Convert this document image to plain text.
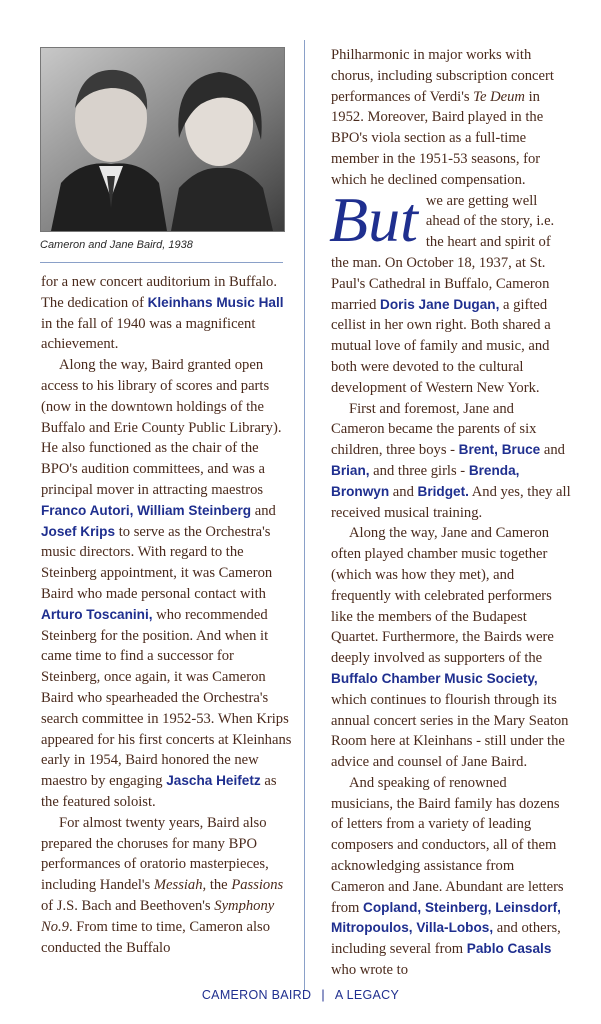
Cameron and Jane Baird, 1938

for a new concert auditorium in Buffalo. The dedication of Kleinhans Music Hall in the fall of 1940 was a magnificent achievement.

Along the way, Baird granted open access to his library of scores and parts (now in the downtown holdings of the Buffalo and Erie County Public Library). He also functioned as the chair of the BPO's audition committees, and was a principal mover in attracting maestros Franco Autori, William Steinberg and Josef Krips to serve as the Orchestra's music directors. With regard to the Steinberg appointment, it was Cameron Baird who made personal contact with Arturo Toscanini, who recommended Steinberg for the position. And when it came time to find a successor for Steinberg, once again, it was Cameron Baird who spearheaded the Orchestra's search committee in 1952-53. When Krips appeared for his first concerts at Kleinhans early in 1954, Baird honored the new maestro by engaging Jascha Heifetz as the featured soloist.

For almost twenty years, Baird also prepared the choruses for many BPO performances of oratorio masterpieces, including Handel's Messiah, the Passions of J.S. Bach and Beethoven's Symphony No.9. From time to time, Cameron also conducted the Buffalo

Philharmonic in major works with chorus, including subscription concert performances of Verdi's Te Deum in 1952. Moreover, Baird played in the BPO's viola section as a full-time member in the 1951-53 seasons, for which he declined compensation.

But we are getting well ahead of the story, i.e. the heart and spirit of the man. On October 18, 1937, at St. Paul's Cathedral in Buffalo, Cameron married Doris Jane Dugan, a gifted cellist in her own right. Both shared a mutual love of family and music, and both were devoted to the cultural development of Western New York.

First and foremost, Jane and Cameron became the parents of six children, three boys - Brent, Bruce and Brian, and three girls - Brenda, Bronwyn and Bridget. And yes, they all received musical training.

Along the way, Jane and Cameron often played chamber music together (which was how they met), and frequently with celebrated performers like the members of the Budapest Quartet. Furthermore, the Bairds were deeply involved as supporters of the Buffalo Chamber Music Society, which continues to flourish through its annual concert series in the Mary Seaton Room here at Kleinhans - still under the advice and counsel of Jane Baird.

And speaking of renowned musicians, the Baird family has dozens of letters from a variety of leading composers and conductors, all of them acknowledging assistance from Cameron and Jane. Abundant are letters from Copland, Steinberg, Leinsdorf, Mitropoulos, Villa-Lobos, and others, including several from Pablo Casals who wrote to

CAMERON BAIRD | A LEGACY
